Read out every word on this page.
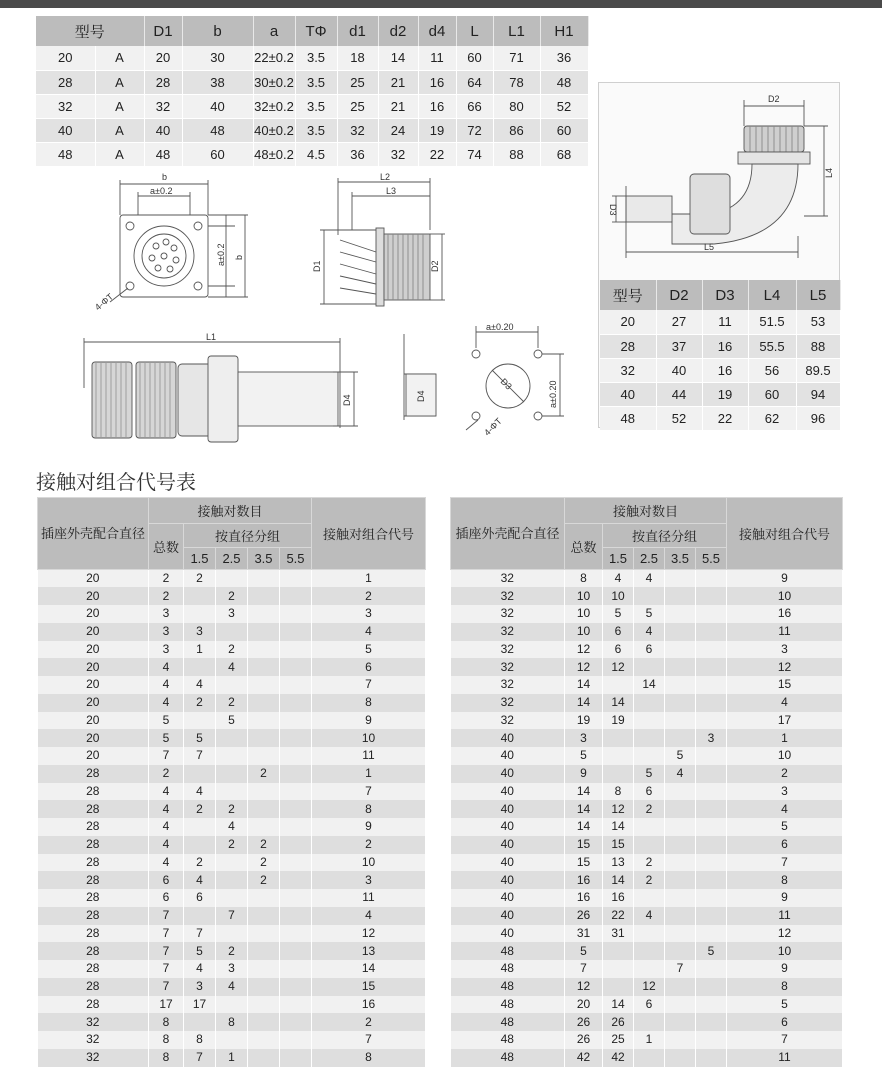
型号		D1	b	a	TΦ	d1	d2	d4	L	L1	H1	
20	A	20	30	22±0.2	3.5	18	14	11	60	71	36	
28	A	28	38	30±0.2	3.5	25	21	16	64	78	48	
32	A	32	40	32±0.2	3.5	25	21	16	66	80	52	
40	A	40	48	40±0.2	3.5	32	24	19	72	86	60	
48	A	48	60	48±0.2	4.5	36	32	22	74	88	68	
b
a±0.2
a±0.2 b
4-ΦT
L2
L3
D1	D2
L1
D4	D4
a±0.20
D3	a±0.20
4-ΦT
D2
L4
D3
L5
型号	D2	D3	L4	L5
20	27	11	51.5	53
28	37	16	55.5	88
32	40	16	56	89.5
40	44	19	60	94
48	52	22	62	96
接触对组合代号表
插座外壳配合直径	接触对数目					接触对组合代号
	总数	按直径分组				
		1.5	2.5	3.5	5.5	
20	2	2				1
20	2		2			2
20	3		3			3
20	3	3				4
20	3	1	2			5
20	4		4			6
20	4	4				7
20	4	2	2			8
20	5		5			9
20	5	5				10
20	7	7				11
28	2			2		1
28	4	4				7
28	4	2	2			8
28	4		4			9
28	4		2	2		2
28	4	2		2		10
28	6	4		2		3
28	6	6				11
28	7		7			4
28	7	7				12
28	7	5	2			13
28	7	4	3			14
28	7	3	4			15
28	17	17				16
32	8		8			2
32	8	8				7
32	8	7	1			8
插座外壳配合直径	接触对数目					接触对组合代号
	总数	按直径分组				
		1.5	2.5	3.5	5.5	
32	8	4	4			9
32	10	10				10
32	10	5	5			16
32	10	6	4			11
32	12	6	6			3
32	12	12				12
32	14		14			15
32	14	14				4
32	19	19				17
40	3				3	1
40	5			5		10
40	9		5	4		2
40	14	8	6			3
40	14	12	2			4
40	14	14				5
40	15	15				6
40	15	13	2			7
40	16	14	2			8
40	16	16				9
40	26	22	4			11
40	31	31				12
48	5				5	10
48	7			7		9
48	12		12			8
48	20	14	6			5
48	26	26				6
48	26	25	1			7
48	42	42				11
